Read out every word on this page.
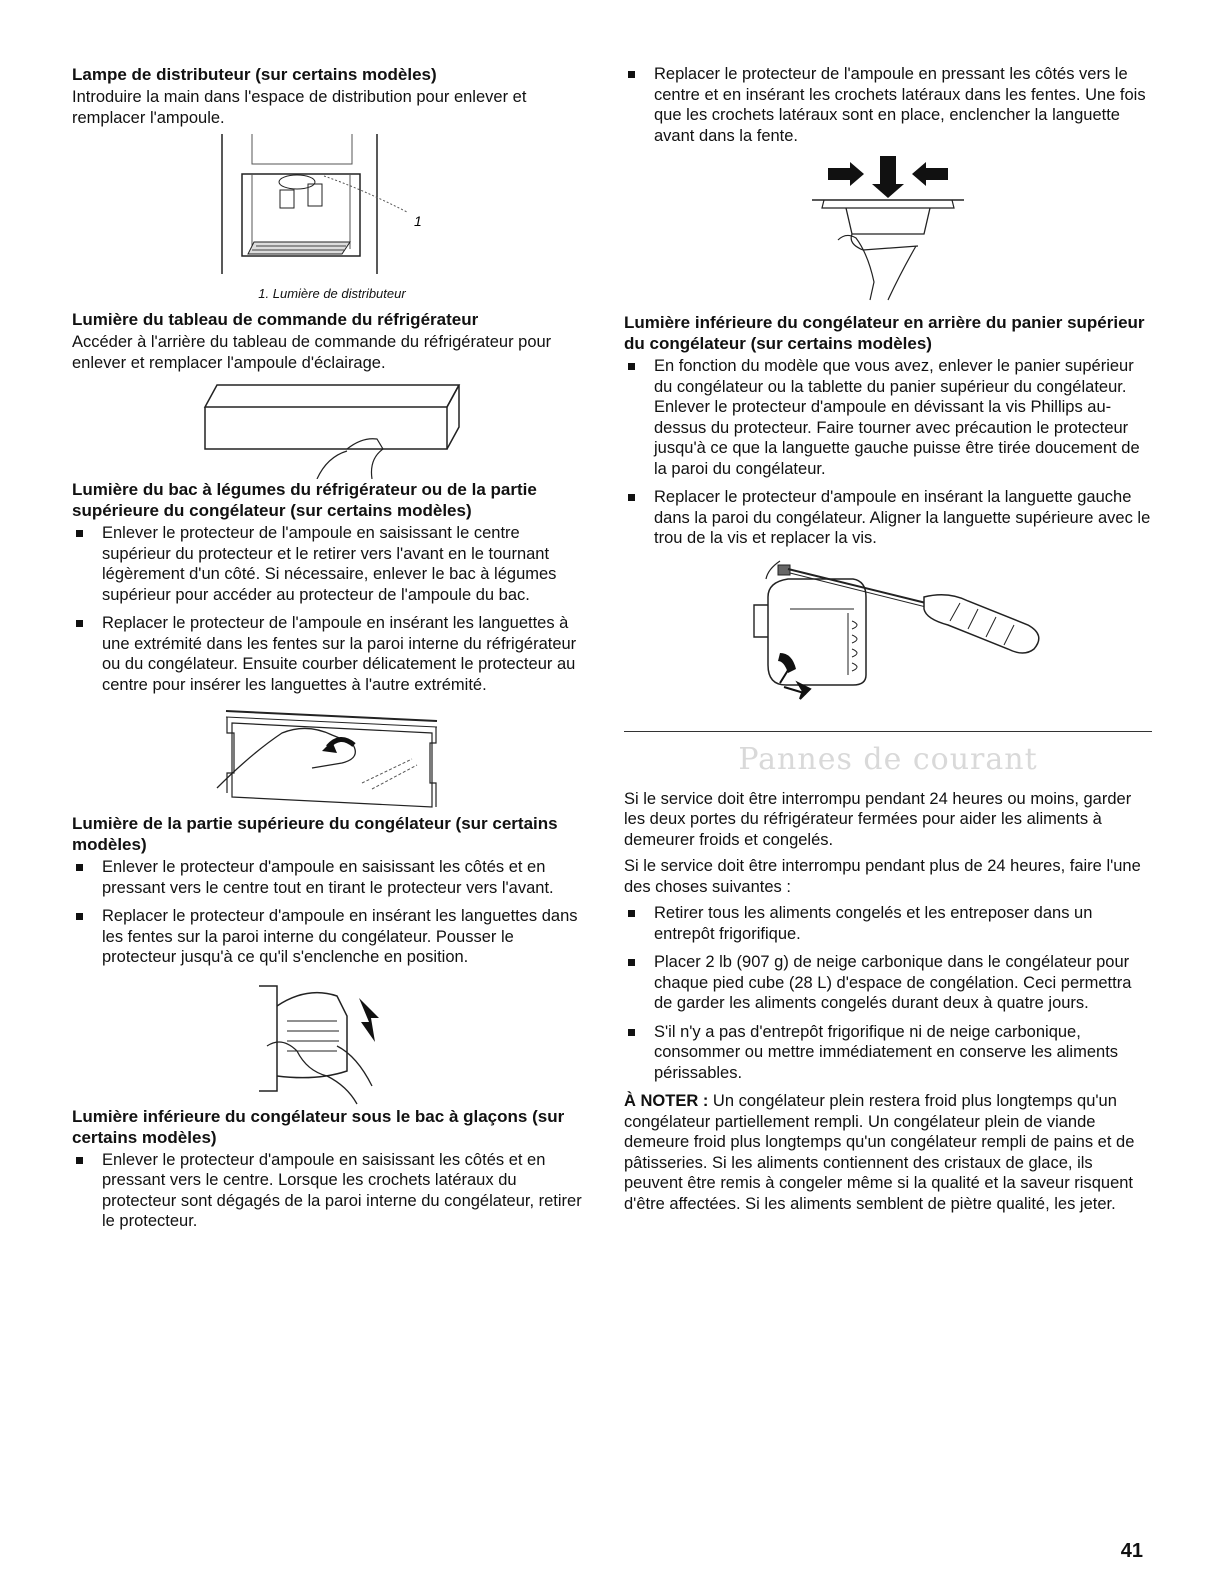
Lampe de distributeur (sur certains modèles)

Introduire la main dans l'espace de distribution pour enlever et remplacer l'ampoule.

1
1. Lumière de distributeur
Lumière du tableau de commande du réfrigérateur

Accéder à l'arrière du tableau de commande du réfrigérateur pour enlever et remplacer l'ampoule d'éclairage.

Lumière du bac à légumes du réfrigérateur ou de la partie supérieure du congélateur (sur certains modèles)
Enlever le protecteur de l'ampoule en saisissant le centre supérieur du protecteur et le retirer vers l'avant en le tournant légèrement d'un côté. Si nécessaire, enlever le bac à légumes supérieur pour accéder au protecteur de l'ampoule du bac.
Replacer le protecteur de l'ampoule en insérant les languettes à une extrémité dans les fentes sur la paroi interne du réfrigérateur ou du congélateur. Ensuite courber délicatement le protecteur au centre pour insérer les languettes à l'autre extrémité.
Lumière de la partie supérieure du congélateur (sur certains modèles)
Enlever le protecteur d'ampoule en saisissant les côtés et en pressant vers le centre tout en tirant le protecteur vers l'avant.
Replacer le protecteur d'ampoule en insérant les languettes dans les fentes sur la paroi interne du congélateur. Pousser le protecteur jusqu'à ce qu'il s'enclenche en position.
Lumière inférieure du congélateur sous le bac à glaçons (sur certains modèles)
Enlever le protecteur d'ampoule en saisissant les côtés et en pressant vers le centre. Lorsque les crochets latéraux du protecteur sont dégagés de la paroi interne du congélateur, retirer le protecteur.
Replacer le protecteur de l'ampoule en pressant les côtés vers le centre et en insérant les crochets latéraux dans les fentes. Une fois que les crochets latéraux sont en place, enclencher la languette avant dans la fente.
Lumière inférieure du congélateur en arrière du panier supérieur du congélateur (sur certains modèles)
En fonction du modèle que vous avez, enlever le panier supérieur du congélateur ou la tablette du panier supérieur du congélateur. Enlever le protecteur d'ampoule en dévissant la vis Phillips au-dessus du protecteur. Faire tourner avec précaution le protecteur jusqu'à ce que la languette gauche puisse être tirée doucement de la paroi du congélateur.
Replacer le protecteur d'ampoule en insérant la languette gauche dans la paroi du congélateur. Aligner la languette supérieure avec le trou de la vis et replacer la vis.
Pannes de courant

Si le service doit être interrompu pendant 24 heures ou moins, garder les deux portes du réfrigérateur fermées pour aider les aliments à demeurer froids et congelés.

Si le service doit être interrompu pendant plus de 24 heures, faire l'une des choses suivantes :

Retirer tous les aliments congelés et les entreposer dans un entrepôt frigorifique.
Placer 2 lb (907 g) de neige carbonique dans le congélateur pour chaque pied cube (28 L) d'espace de congélation. Ceci permettra de garder les aliments congelés durant deux à quatre jours.
S'il n'y a pas d'entrepôt frigorifique ni de neige carbonique, consommer ou mettre immédiatement en conserve les aliments périssables.

À NOTER : Un congélateur plein restera froid plus longtemps qu'un congélateur partiellement rempli. Un congélateur plein de viande demeure froid plus longtemps qu'un congélateur rempli de pains et de pâtisseries. Si les aliments contiennent des cristaux de glace, ils peuvent être remis à congeler même si la qualité et la saveur risquent d'être affectées. Si les aliments semblent de piètre qualité, les jeter.

41
